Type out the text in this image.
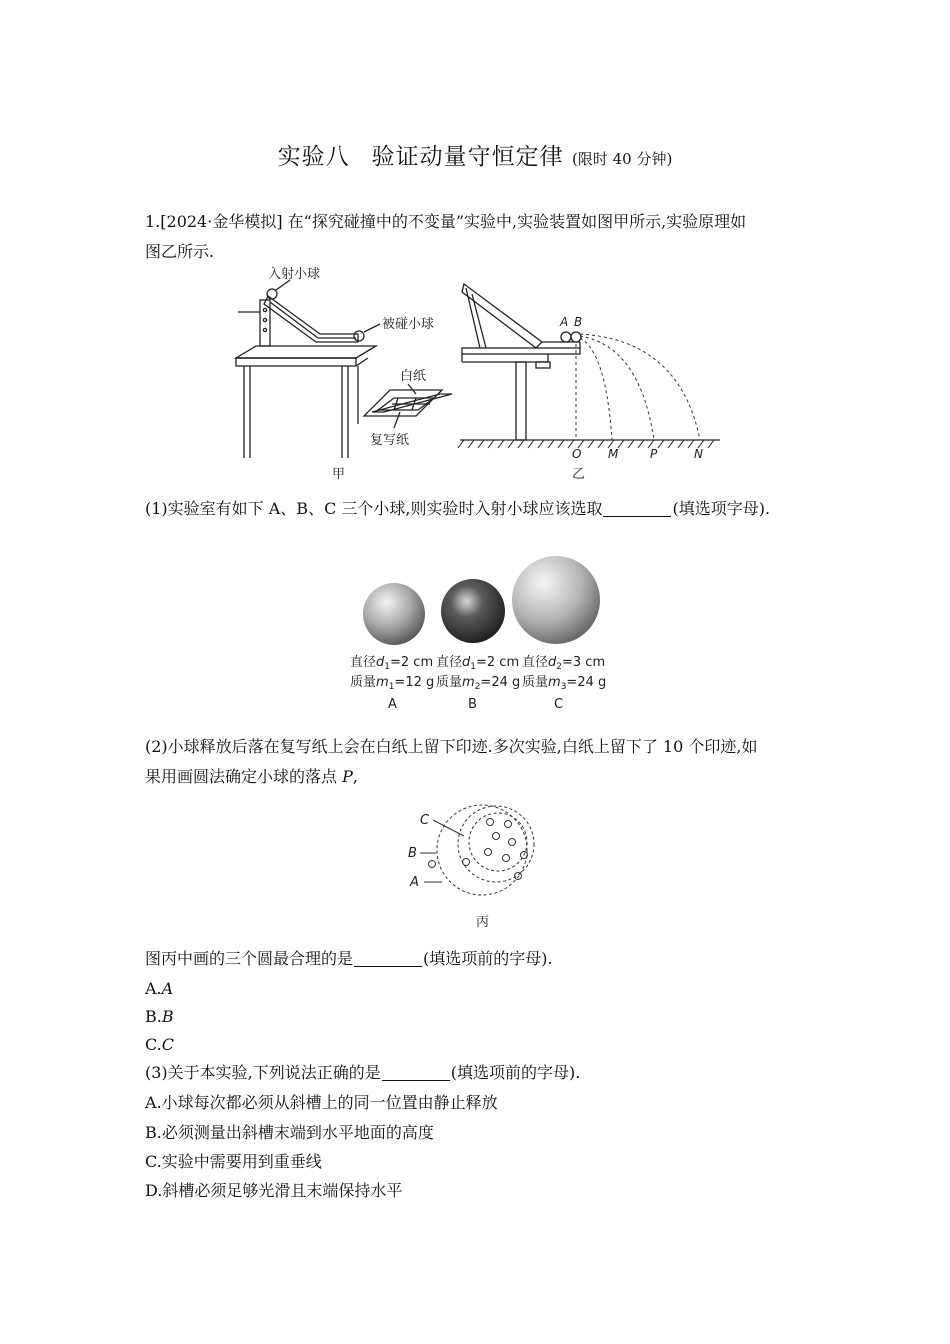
实验八 验证动量守恒定律 (限时 40 分钟)
1.[2024·金华模拟] 在“探究碰撞中的不变量”实验中,实验装置如图甲所示,实验原理如
图乙所示.
入射小球
被碰小球
白纸
复写纸
甲
A B
O M	P	N
乙
(1)实验室有如下 A、B、C 三个小球,则实验时入射小球应该选取	(填选项字母).
直径$d_1=2$ cm 直径$d_1=2$ cm 直径$d_2=3$ cm
质量$m_1=12$ g 质量$m_2=24$ g 质量$m_3=24$ g
A	B	C
(2)小球释放后落在复写纸上会在白纸上留下印迹.多次实验,白纸上留下了 10 个印迹,如
果用画圆法确定小球的落点 P,
C
B
A
丙
图丙中画的三个圆最合理的是	(填选项前的字母).
A.A
B.B
C.C
(3)关于本实验,下列说法正确的是	(填选项前的字母).
A.小球每次都必须从斜槽上的同一位置由静止释放
B.必须测量出斜槽末端到水平地面的高度
C.实验中需要用到重垂线
D.斜槽必须足够光滑且末端保持水平
